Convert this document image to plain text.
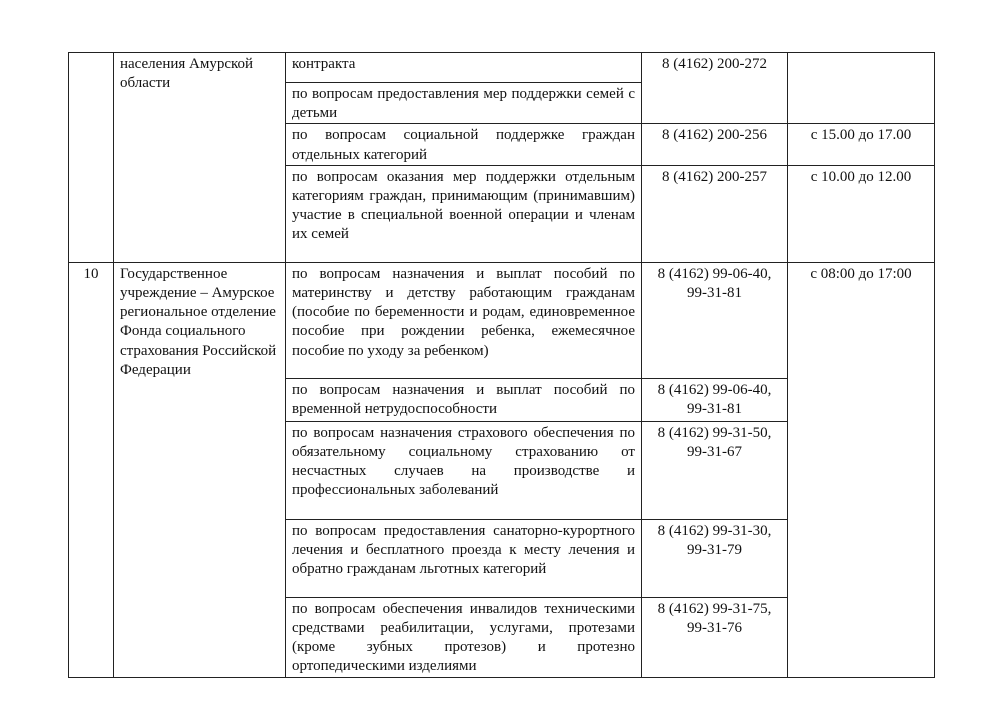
	населения Амурской области	контракта	8 (4162) 200-272	
		по вопросам предоставления мер поддержки семей с детьми		
		по вопросам социальной поддержке граждан отдельных категорий	8 (4162) 200-256	с 15.00 до 17.00
		по вопросам оказания мер поддержки отдельным категориям граждан, принимающим (принимавшим) участие в специальной военной операции и членам их семей	8 (4162) 200-257	с 10.00 до 12.00
10	Государственное учреждение – Амурское региональное отделение Фонда социального страхования Российской Федерации	по вопросам назначения и выплат пособий по материнству и детству работающим гражданам (пособие по беременности и родам, единовременное пособие при рождении ребенка, ежемесячное пособие по уходу за ребенком)	8 (4162) 99-06-40, 99-31-81	с 08:00 до 17:00
		по вопросам назначения и выплат пособий по временной нетрудоспособности	8 (4162) 99-06-40, 99-31-81	
		по вопросам назначения страхового обеспечения по обязательному социальному страхованию от несчастных случаев на производстве и профессиональных заболеваний	8 (4162) 99-31-50, 99-31-67	
		по вопросам предоставления санаторно-курортного лечения и бесплатного проезда к месту лечения и обратно гражданам льготных категорий	8 (4162) 99-31-30, 99-31-79	
		по вопросам обеспечения инвалидов техническими средствами реабилитации, услугами, протезами (кроме зубных протезов) и протезно ортопедическими изделиями	8 (4162) 99-31-75, 99-31-76	
